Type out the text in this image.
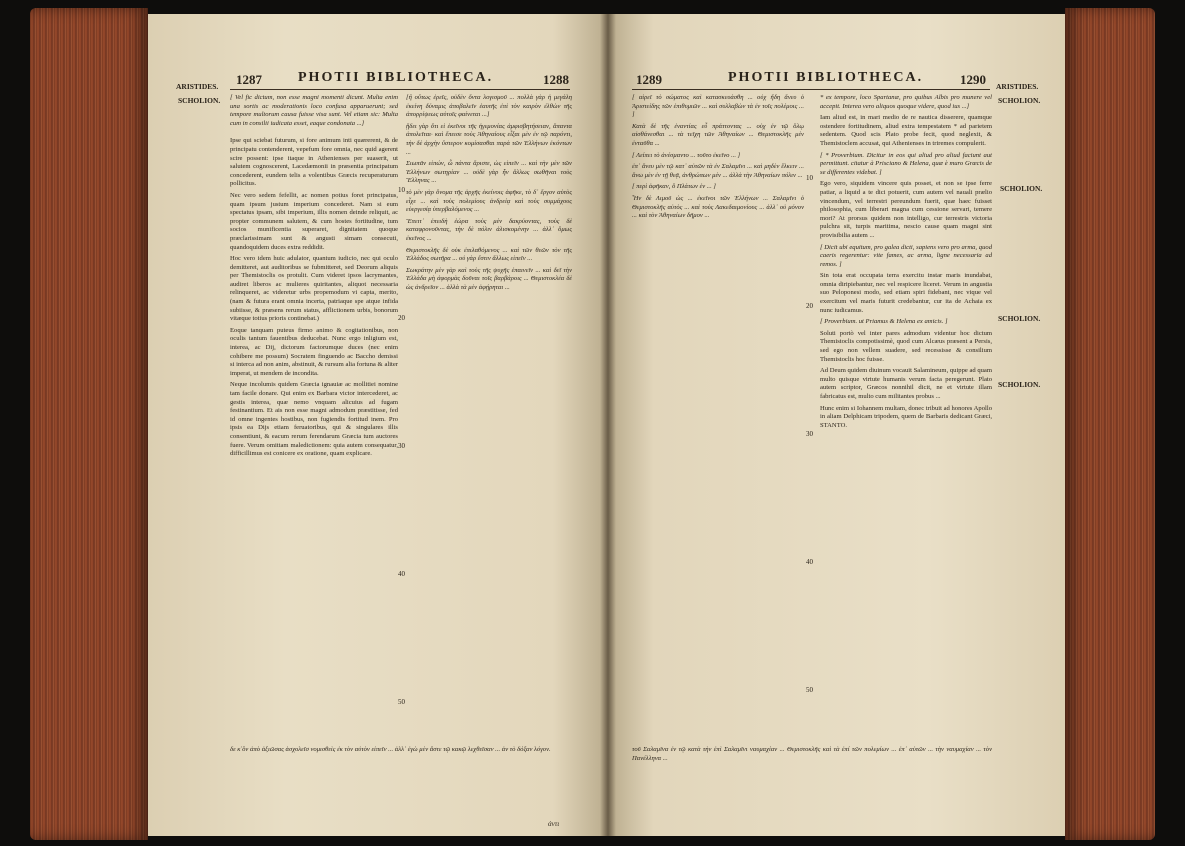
1287	PHOTII BIBLIOTHECA.	1288
ARISTIDES.
SCHOLION. [ Vel fic dictum, non esse magni momenti dicunt. Multa enim una sortis ac moderationis loco confusa apparuerunt; sed tempore multorum causa fuisse visa sunt. Vel etiam sic: Multa cum in consilii iudicata esset, eaque condonata ...]

Ipse qui sciebat futurum, si fore animum inti quærerent, & de principatu contenderent, vepefum fore omnia, nec quid agerent scire possent: ipse itaque in Athenienses per suaserit, ut salutem cognoscerent, Lacedæmonii in præsentia principatum concederent, eundem telis a volentibus Græcis recuperaturum pollicitus.

Nec vero sedem fefellit, ac nomen potius foret principatus, quam ipsum justum imperium concederet. Nam si eum spectatus ipsam, sibi imperium, illis nomen deinde reliquit, ac propter communem salutem, & cum hostes fortitudine, tum socios munificentia superaret, dignitatem quoque præclarissimam sunt & angusti simam consecuti, quandoquidem duces extra reddidit.

Hoc vero idem huic adulator, quantum iudicio, nec qui oculo demitteret, aut auditoribus se fubmitteret, sed Deorum aliquis per Themistoclis os protulit. Cum videret ipsos lacrymantes, audiret liberos ac mulieres quiritantes, aliquot necessaria relinqueret, ac videretur urbs propemodum vi capta, merito, (nam & futura erant omnia incerta, patriaque spe atque infida subiisse, & præsens rerum status, afflictionem urbis, bonorum vitæque totius prioris continebat.)

Eoque tanquam puteus firmo animo & cogitationibus, non oculis tantum fauentibus deducebat. Nunc ergo inligium est, interea, ac Dij, dictorum factorumque duces (nec enim cohibere me possum) Socratem finguendo ac Baccho demissi si interca ad non anim, abstinuit, & rursum alia fortuna & aliter imperat, ut mendem de incondita.

Neque incolumis quidem Græcia ignauiæ ac mollitiei nomine tam facile donare. Qui enim ex Barbara victor intercederet, ac gestis interea, quæ nemo vnquam alicuius ad fugam festinantium. Et ais non esse magni admodum præstitisse, fed id omne ingentes hostibus, non fugiendis fortitud inem. Pro ipsis ea Dijs etiam feruatoribus, qui & singulares illis consentiunt, & eacum rerum ferendarum Græcia tum auctores fuere. Verum omittam maledictionem: quia autem consequatur, difficillimus est conicere ex oratione, quam explicare.

[ἢ οὕτως ἐρεῖς, οὐδὲν ὄντα λογισμοῦ ... πολλὰ γὰρ ἡ μεγάλη ἐκείνη δύναμις ἀποβαλεῖν ἑαυτῆς ἐπὶ τὸν καιρὸν ἐλθὼν τῆς ἀπορρίψεως αὐτοῖς φαίνεται ...]

ᾔδει γὰρ ὅτι εἰ ἐκεῖνοι τῆς ἡγεμονίας ἀμφισβητήσειαν, ἅπαντα ἀπολεῖται· καὶ ἔπεισε τοὺς Ἀθηναίους εἶξαι μὲν ἐν τῷ παρόντι, τὴν δὲ ἀρχὴν ὕστερον κομίσασθαι παρὰ τῶν Ἑλλήνων ἑκόντων ...

Σιωπᾶν εἰπών, ὦ πάντα ἄριστε, ὡς εἰπεῖν ... καὶ τὴν μὲν τῶν Ἑλλήνων σωτηρίαν ... οὐδὲ γὰρ ἦν ἄλλως σωθῆναι τοὺς Ἕλληνας ...

τὸ μὲν γὰρ ὄνομα τῆς ἀρχῆς ἐκείνοις ἀφῆκε, τὸ δ᾽ ἔργον αὐτὸς εἶχε ... καὶ τοὺς πολεμίους ἀνδρείᾳ καὶ τοὺς συμμάχους εὐεργεσίᾳ ὑπερβαλόμενος ...

Ἔπειτ᾽ ἐπειδὴ ἑώρα τοὺς μὲν δακρύοντας, τοὺς δὲ καταφρονοῦντας, τὴν δὲ πόλιν ἁλισκομένην ... ἀλλ᾽ ὅμως ἐκεῖνος ...

Θεμιστοκλῆς δὲ οὐκ ἐπιλαθόμενος ... καὶ τῶν θεῶν τὸν τῆς Ἑλλάδος σωτῆρα ... οὐ γὰρ ἔστιν ἄλλως εἰπεῖν ...

Σωκράτην μὲν γὰρ καὶ τοὺς τῆς ψυχῆς ἐπαινεῖν ... καὶ δεῖ τὴν Ἑλλάδα μὴ ἀφορμὰς δοῦναι τοῖς βαρβάροις ... Θεμιστοκλέα δὲ ὡς ἀνδρεῖον ... ἀλλὰ τὰ μὲν ἀφῄρηται ...

10
20
30
40
50
δε κ̓ ὃν ἀπὸ ἀξιῶσας ἀσχολεῖσ νομισθεὶς ἐκ τὸν αὐτὸν εἰπεῖν ... ἀλλ᾽ ἐγὼ μὲν ἄστε τῷ κακῷ λεχθεῖσαν ... ἀν τὸ δόξαν λόγον.
ἀντι
1289	PHOTII BIBLIOTHECA.	1290 ARISTIDES.
SCHOLION.
SCHOLION.
SCHOLION.
SCHOLION.

[ αἱρεῖ τὸ σώματος καὶ κατασκευάσθη ... οὐχ ἤδη ἄνευ ὁ Ἀριστείδης τῶν ἐπιθυμιῶν ... καὶ συλλαβὼν τὰ ἐν τοῖς πολέμοις ... ]

Κατὰ δὲ τῆς ἐναντίας εὖ πράττοντας ... οὐχ ἐν τῷ ὅλῳ αἰσθάνεσθαι ... τὰ τεῖχη τῶν Ἀθηναίων ... Θεμιστοκλῆς μὲν ἐνταῦθα ...

[ Λείπει τὸ ἀνέσμαντο ... τοῦτο ἐκεῖνο ... ]

ἐπ᾽ ἄνευ μὲν τῷ κατ᾽ αὐτῶν τὰ ἐν Σαλαμῖνι ... καὶ μηδὲν ἕλκειν ... ἄνω μὲν ἐν τῇ θεᾷ, ἀνθρώπων μέν ... ἀλλὰ τὴν Ἀθηναίων πόλιν ...

[ περὶ ἀφῆκαν, ὅ Πλάτων ἐν ... ]

Ἦν δὲ Λιμοῦ ὡς ... ἐκεῖνοι τῶν Ἑλλήνων ... Σαλαμῖνι ὁ Θεμιστοκλῆς αὐτὸς ... καὶ τοὺς Λακεδαιμονίους ... ἀλλ᾽ οὐ μόνον ... καὶ τὸν Ἀθηναίων δῆμον ...

10
20
30
40
50

* ex tempore, loco Spartanæ, pro quibus Albis pro munere vel accepit. Interea vero aliquos quoque videre, quod ius ...]

Iam aliud est, in mari medio de re nautica disserere, quamque ostendere fortitudinem, aliud extra tempestatem * ad parietem sedentem. Quod scis Plato probe fecit, quod neglexit, & Themistoclem accusat, qui Athenienses in triremes compulerit.

[ * Proverbium. Dicitur in eos qui aliud pro aliud faciunt aut permittunt. citatur à Prisciano & Helena, quæ è muro Græcis de se differentes videbat. ]

Ego vero, siquidem vincere quis posset, et non se ipse ferre patiar, a liquid a te dici potuerit, cum autem vel nauali prælio vincendum, vel terrestri pereundum fuerit, quæ haec fuisset philosophia, cum liberari magna cum cessione servari, temere mori? At prorsus quidem non intelligo, cur terrestris victoria pulchra sit, turpis maritima, nescio cause quam magni sint provisibilia autem ...

[ Dicit ubi equitum, pro galea dicti, sapiens vero pro arma, quod caeris regerentur: vite fames, ac arma, ligne necessaria ad remos. ]

Sin tota erat occupata terra exercitu instar maris inundabat, omnia diripiebantur, nec vel respicere liceret. Verum in angustia suo Peloponesi modo, sed etiam spiri fidebant, nec vique vel exercitum vel maris futurit credebantur, cur ita de Achaia ex nunc iudicamus.

[ Proverbium. ut Priamus & Helena ex amicis. ]

Soluti portò vel inter pares admodum videntur hoc dictum Themistoclis compotissimè, quod cum Alcæus præsent a Persis, sed ego non vellem suadere, sed recessisse & consilium Themistoclis hoc fuisse.

Ad Deum quidem diuinum vocauit Salamineum, quippe ad quam multo quisque virtute humanis verum facta peregerunt. Plato autem scriptor, Græcos nonnihil dicit, ne et virtute illam fabricatus est, multo cum militantes probus ...

Hunc enim si Iohannem multam, donec tribuit ad honores Apollo in aliam Delphicam tripodem, quem de Barbaris dedicant Græci, STANTO.

τοῦ Σαλαμῖνα ἐν τῷ κατὰ τὴν ἐπὶ Σαλαμῖνι ναυμαχίαν ... Θεμιστοκλῆς καὶ τὰ ἐπί τῶν πολεμίων ... ἐπ᾽ αὐτῶν ... τὴν ναυμαχίαν ... τὸν Πανέλληνα ...
